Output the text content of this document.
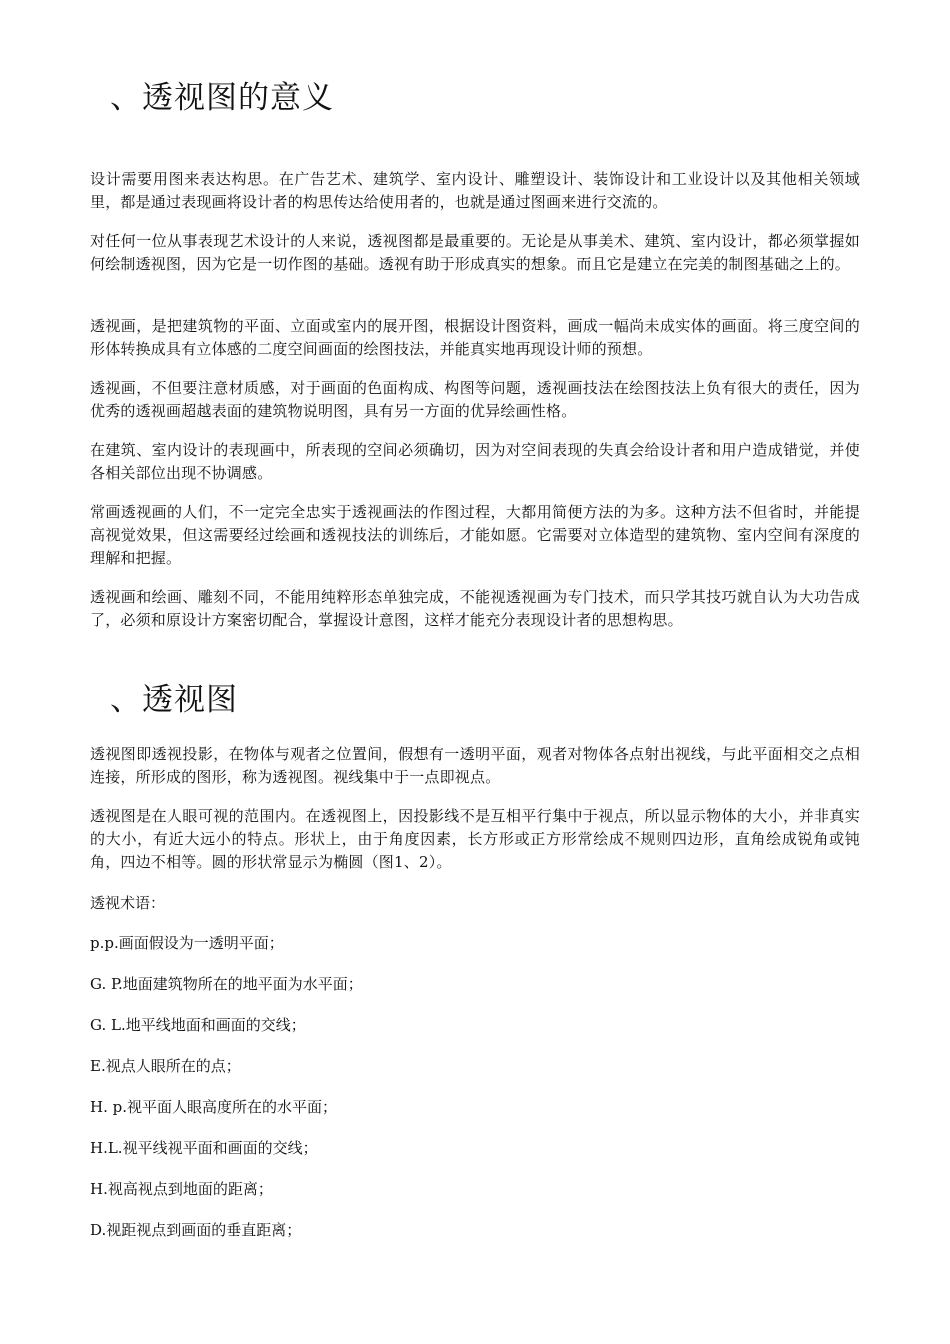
、透视图的意义

设计需要用图来表达构思。在广告艺术、建筑学、室内设计、雕塑设计、装饰设计和工业设计以及其他相关领域里，都是通过表现画将设计者的构思传达给使用者的，也就是通过图画来进行交流的。

对任何一位从事表现艺术设计的人来说，透视图都是最重要的。无论是从事美术、建筑、室内设计，都必须掌握如何绘制透视图，因为它是一切作图的基础。透视有助于形成真实的想象。而且它是建立在完美的制图基础之上的。

透视画，是把建筑物的平面、立面或室内的展开图，根据设计图资料，画成一幅尚未成实体的画面。将三度空间的形体转换成具有立体感的二度空间画面的绘图技法，并能真实地再现设计师的预想。

透视画，不但要注意材质感，对于画面的色面构成、构图等问题，透视画技法在绘图技法上负有很大的责任，因为优秀的透视画超越表面的建筑物说明图，具有另一方面的优异绘画性格。

在建筑、室内设计的表现画中，所表现的空间必须确切，因为对空间表现的失真会给设计者和用户造成错觉，并使各相关部位出现不协调感。

常画透视画的人们，不一定完全忠实于透视画法的作图过程，大都用简便方法的为多。这种方法不但省时，并能提高视觉效果，但这需要经过绘画和透视技法的训练后，才能如愿。它需要对立体造型的建筑物、室内空间有深度的理解和把握。

透视画和绘画、雕刻不同，不能用纯粹形态单独完成，不能视透视画为专门技术，而只学其技巧就自认为大功告成了，必须和原设计方案密切配合，掌握设计意图，这样才能充分表现设计者的思想构思。

、透视图

透视图即透视投影，在物体与观者之位置间，假想有一透明平面，观者对物体各点射出视线，与此平面相交之点相连接，所形成的图形，称为透视图。视线集中于一点即视点。

透视图是在人眼可视的范围内。在透视图上，因投影线不是互相平行集中于视点，所以显示物体的大小，并非真实的大小，有近大远小的特点。形状上，由于角度因素，长方形或正方形常绘成不规则四边形，直角绘成锐角或钝角，四边不相等。圆的形状常显示为椭圆（图1、2）。

透视术语：

p.p.画面假设为一透明平面；

G. P.地面建筑物所在的地平面为水平面；

G. L.地平线地面和画面的交线；

E.视点人眼所在的点；

H. p.视平面人眼高度所在的水平面；

H.L.视平线视平面和画面的交线；

H.视高视点到地面的距离；

D.视距视点到画面的垂直距离；
